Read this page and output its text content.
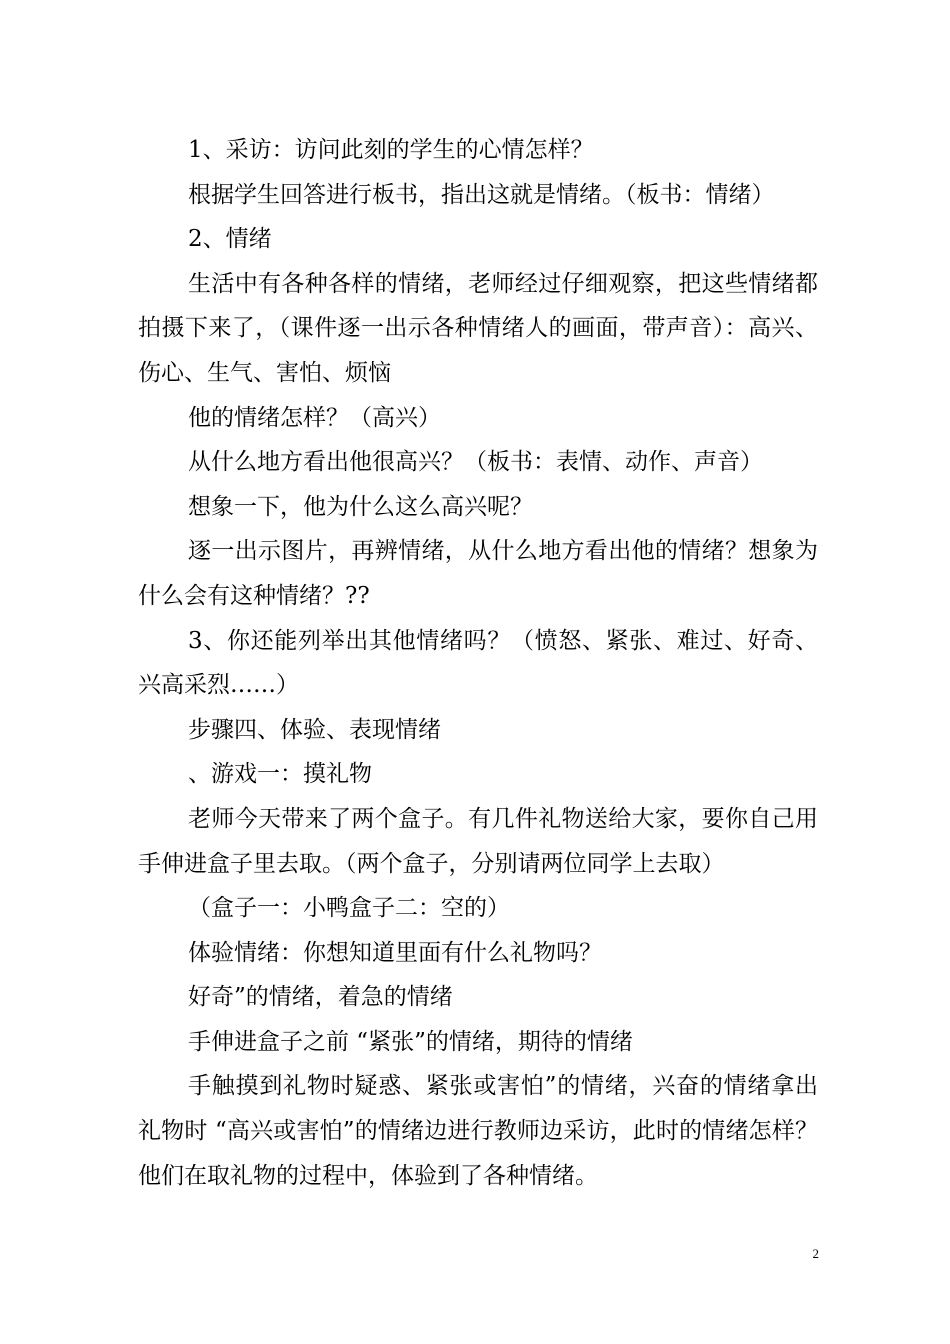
1、采访：访问此刻的学生的心情怎样？

根据学生回答进行板书，指出这就是情绪。（板书：情绪）

2、情绪

生活中有各种各样的情绪，老师经过仔细观察，把这些情绪都拍摄下来了，（课件逐一出示各种情绪人的画面，带声音）：高兴、伤心、生气、害怕、烦恼

他的情绪怎样？（高兴）

从什么地方看出他很高兴？（板书：表情、动作、声音）

想象一下，他为什么这么高兴呢？

逐一出示图片，再辨情绪，从什么地方看出他的情绪？想象为什么会有这种情绪？??

3、你还能列举出其他情绪吗？（愤怒、紧张、难过、好奇、兴高采烈……）

步骤四、体验、表现情绪

、游戏一：摸礼物

老师今天带来了两个盒子。有几件礼物送给大家，要你自己用手伸进盒子里去取。（两个盒子，分别请两位同学上去取）

（盒子一：小鸭盒子二：空的）

体验情绪：你想知道里面有什么礼物吗？

好奇”的情绪，着急的情绪

手伸进盒子之前 “紧张”的情绪，期待的情绪

手触摸到礼物时疑惑、紧张或害怕”的情绪，兴奋的情绪拿出礼物时 “高兴或害怕”的情绪边进行教师边采访，此时的情绪怎样？他们在取礼物的过程中，体验到了各种情绪。

2
